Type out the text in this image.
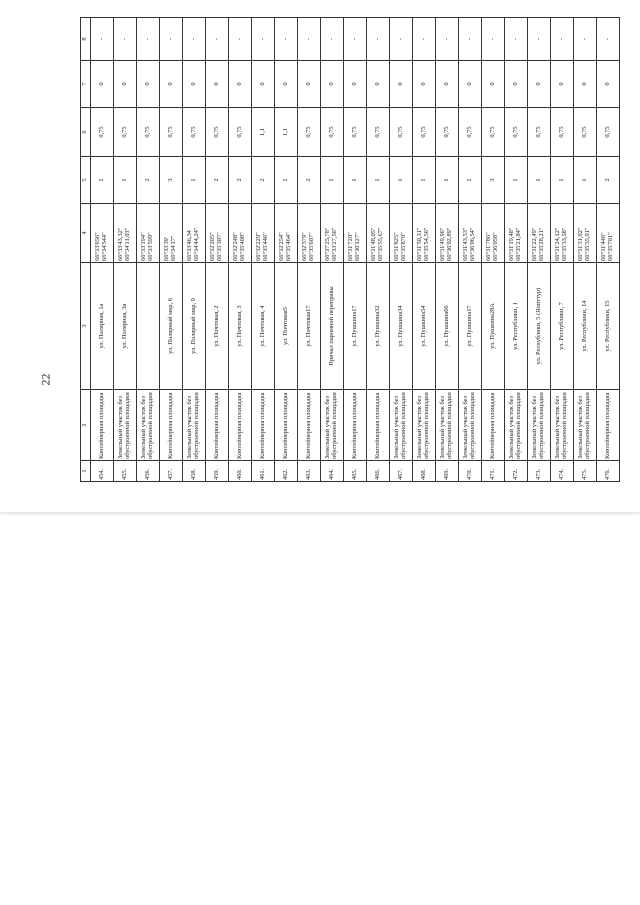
22
1	2	3	4	5	6	7	8
454.	Контейнерная площадка	ул. Полярная, 1а	66°33'656" 66°34'544"	1	0,75	0	-
455.	Земельный участок без обустроенной площадки	ул. Полярная, 3а	66°33'43,32" 66°34'11,03"	1	0,75	0	-
456.	Земельный участок без обустроенной площадки		66°33'194" 66°33'599"	2	0,75	0	-
457.	Контейнерная площадка	ул. Полярный мкр, 6	66°33'39' 66°34'17"	3	0,75	0	-
458.	Земельный участок без обустроенной площадки	ул. Полярный мкр, 9	66°33'46,34 66°34'44,24"	1	0,75	0	-
459.	Контейнерная площадка	ул. Почтовая, 2	66°32'205" 66°35'307"	2	0,75	0	-
460.	Контейнерная площадка	ул. Почтовая, 3	66°32'248" 66°35'408"	2	0,75	0	-
461.	Контейнерная площадка	ул. Почтовая, 4	66°32'229" 66°35'446"	2	1,1	0	-
462.	Контейнерная площадка	ул. Почтовая5	66°32'254" 66°35'464"	1	1,1	0	-
463.	Контейнерная площадка	ул. Почтовая17	66°32'379" 66°35'607"	2	0,75	0	-
464.	Земельный участок без обустроенной площадки	Причал паромной переправы	66°37'25,78" 66°33'27,56"	1	0,75	0	-
465.	Контейнерная площадка	ул. Пушкина17	66°31'720" 66°36'127"	1	0,75	0	-
466.	Контейнерная площадка	ул. Пушкина32	66°31'48,05" 66°35'55,67"	1	0,75	0	-
467.	Земельный участок без обустроенной площадки	ул. Пушкина34	66°31'825" 66°35'870"	1	0,75	0	-
468.	Земельный участок без обустроенной площадки	ул. Пушкина54	66°31'50,31" 66°35'54,56"	1	0,75	0	-
469.	Земельный участок без обустроенной площадки	ул. Пушкина66	66°31'49,96" 66°36'02,89"	1	0,75	0	-
470.	Земельный участок без обустроенной площадки	ул. Пушкина17	66°31'43,53" 66°36'06,54"	1	0,75	0	-
471.	Контейнерная площадка	ул. Пушкина28А	66°31'786" 66°36'058"	3	0,75	0	-
472.	Земельный участок без обустроенной площадки	ул. Республики, 1	66°31'19,48" 66°35'21,84"	1	0,75	0	-
473.	Земельный участок без обустроенной площадки	ул. Республики, 5 (Япиттур)	66°31'22,49" 66°35'28,21"	1	0,75	0	-
474.	Земельный участок без обустроенной площадки	ул. Республики, 7	66°31'24,12" 66°35'33,58"	1	0,75	0	-
475.	Земельный участок без обустроенной площадки	ул. Республики, 14	66°31'31,92" 66°35'35,91"	1	0,75	0	-
476.	Контейнерная площадка	ул. Республики, 15	66°31'446" 66°35'701"	2	0,75	0	-
